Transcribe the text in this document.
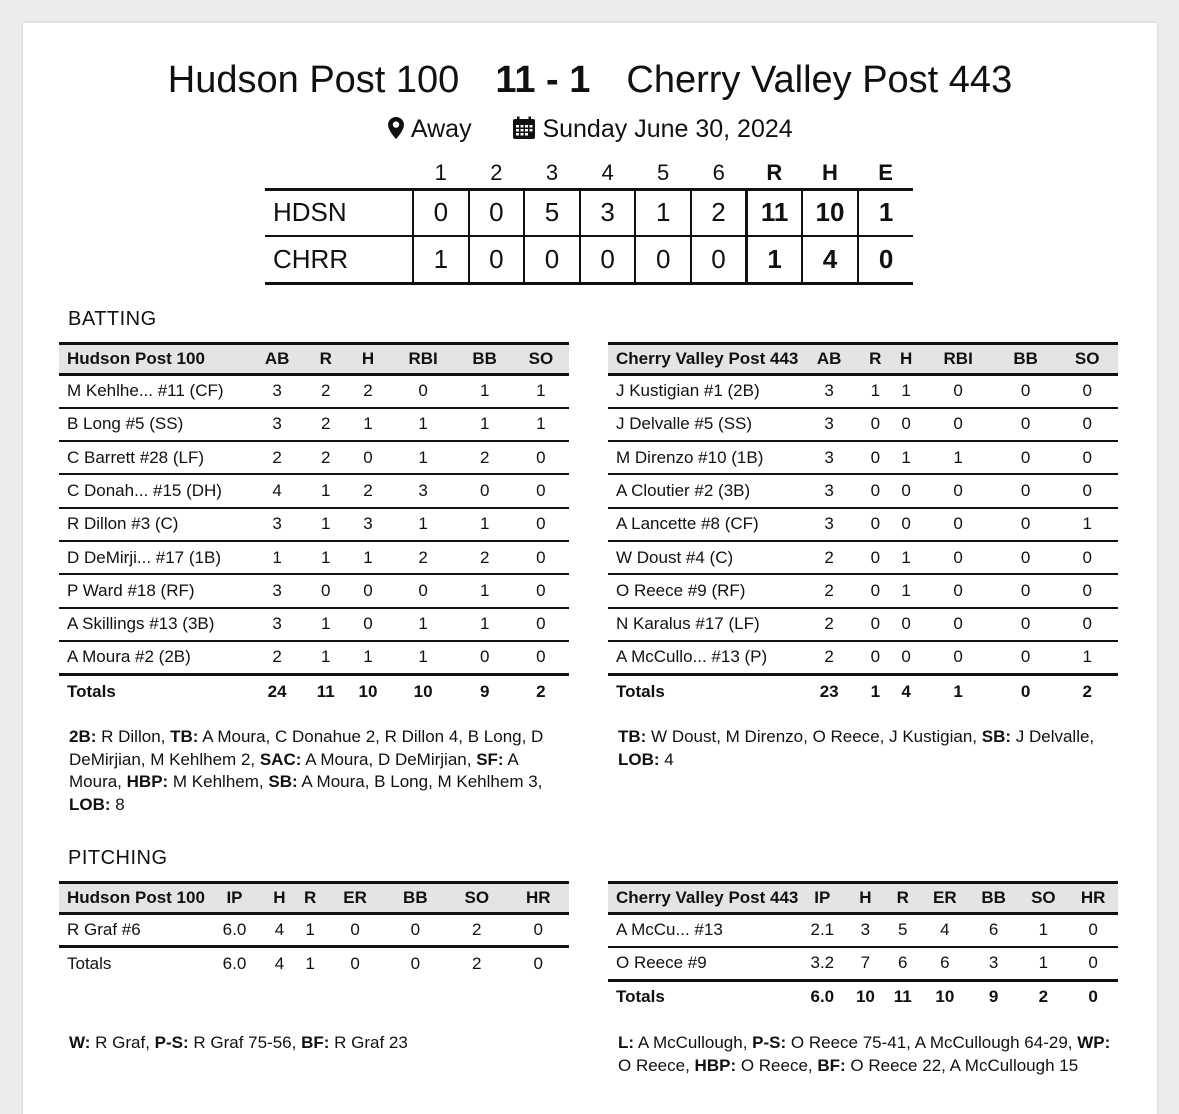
Hudson Post 100 11 - 1 Cherry Valley Post 443
Away	Sunday June 30, 2024
	1	2	3	4	5	6	R	H	E
HDSN	0	0	5	3	1	2	11	10	1
CHRR	1	0	0	0	0	0	1	4	0
BATTING
Hudson Post 100	AB	R	H	RBI	BB	SO
M Kehlhe... #11 (CF)	3	2	2	0	1	1
B Long #5 (SS)	3	2	1	1	1	1
C Barrett #28 (LF)	2	2	0	1	2	0
C Donah... #15 (DH)	4	1	2	3	0	0
R Dillon #3 (C)	3	1	3	1	1	0
D DeMirji... #17 (1B)	1	1	1	2	2	0
P Ward #18 (RF)	3	0	0	0	1	0
A Skillings #13 (3B)	3	1	0	1	1	0
A Moura #2 (2B)	2	1	1	1	0	0
Totals	24	11	10	10	9	2
Cherry Valley Post 443	AB	R	H	RBI	BB	SO
J Kustigian #1 (2B)	3	1	1	0	0	0
J Delvalle #5 (SS)	3	0	0	0	0	0
M Direnzo #10 (1B)	3	0	1	1	0	0
A Cloutier #2 (3B)	3	0	0	0	0	0
A Lancette #8 (CF)	3	0	0	0	0	1
W Doust #4 (C)	2	0	1	0	0	0
O Reece #9 (RF)	2	0	1	0	0	0
N Karalus #17 (LF)	2	0	0	0	0	0
A McCullo... #13 (P)	2	0	0	0	0	1
Totals	23	1	4	1	0	2
2B: R Dillon, TB: A Moura, C Donahue 2, R Dillon 4, B Long, D DeMirjian, M Kehlhem 2, SAC: A Moura, D DeMirjian, SF: A Moura, HBP: M Kehlhem, SB: A Moura, B Long, M Kehlhem 3, LOB: 8
TB: W Doust, M Direnzo, O Reece, J Kustigian, SB: J Delvalle, LOB: 4
PITCHING
Hudson Post 100	IP	H	R	ER	BB	SO	HR
R Graf #6	6.0	4	1	0	0	2	0
Totals	6.0	4	1	0	0	2	0
Cherry Valley Post 443	IP	H	R	ER	BB	SO	HR
A McCu... #13	2.1	3	5	4	6	1	0
O Reece #9	3.2	7	6	6	3	1	0
Totals	6.0	10	11	10	9	2	0
W: R Graf, P-S: R Graf 75-56, BF: R Graf 23	L: A McCullough, P-S: O Reece 75-41, A McCullough 64-29, WP: O Reece, HBP: O Reece, BF: O Reece 22, A McCullough 15
